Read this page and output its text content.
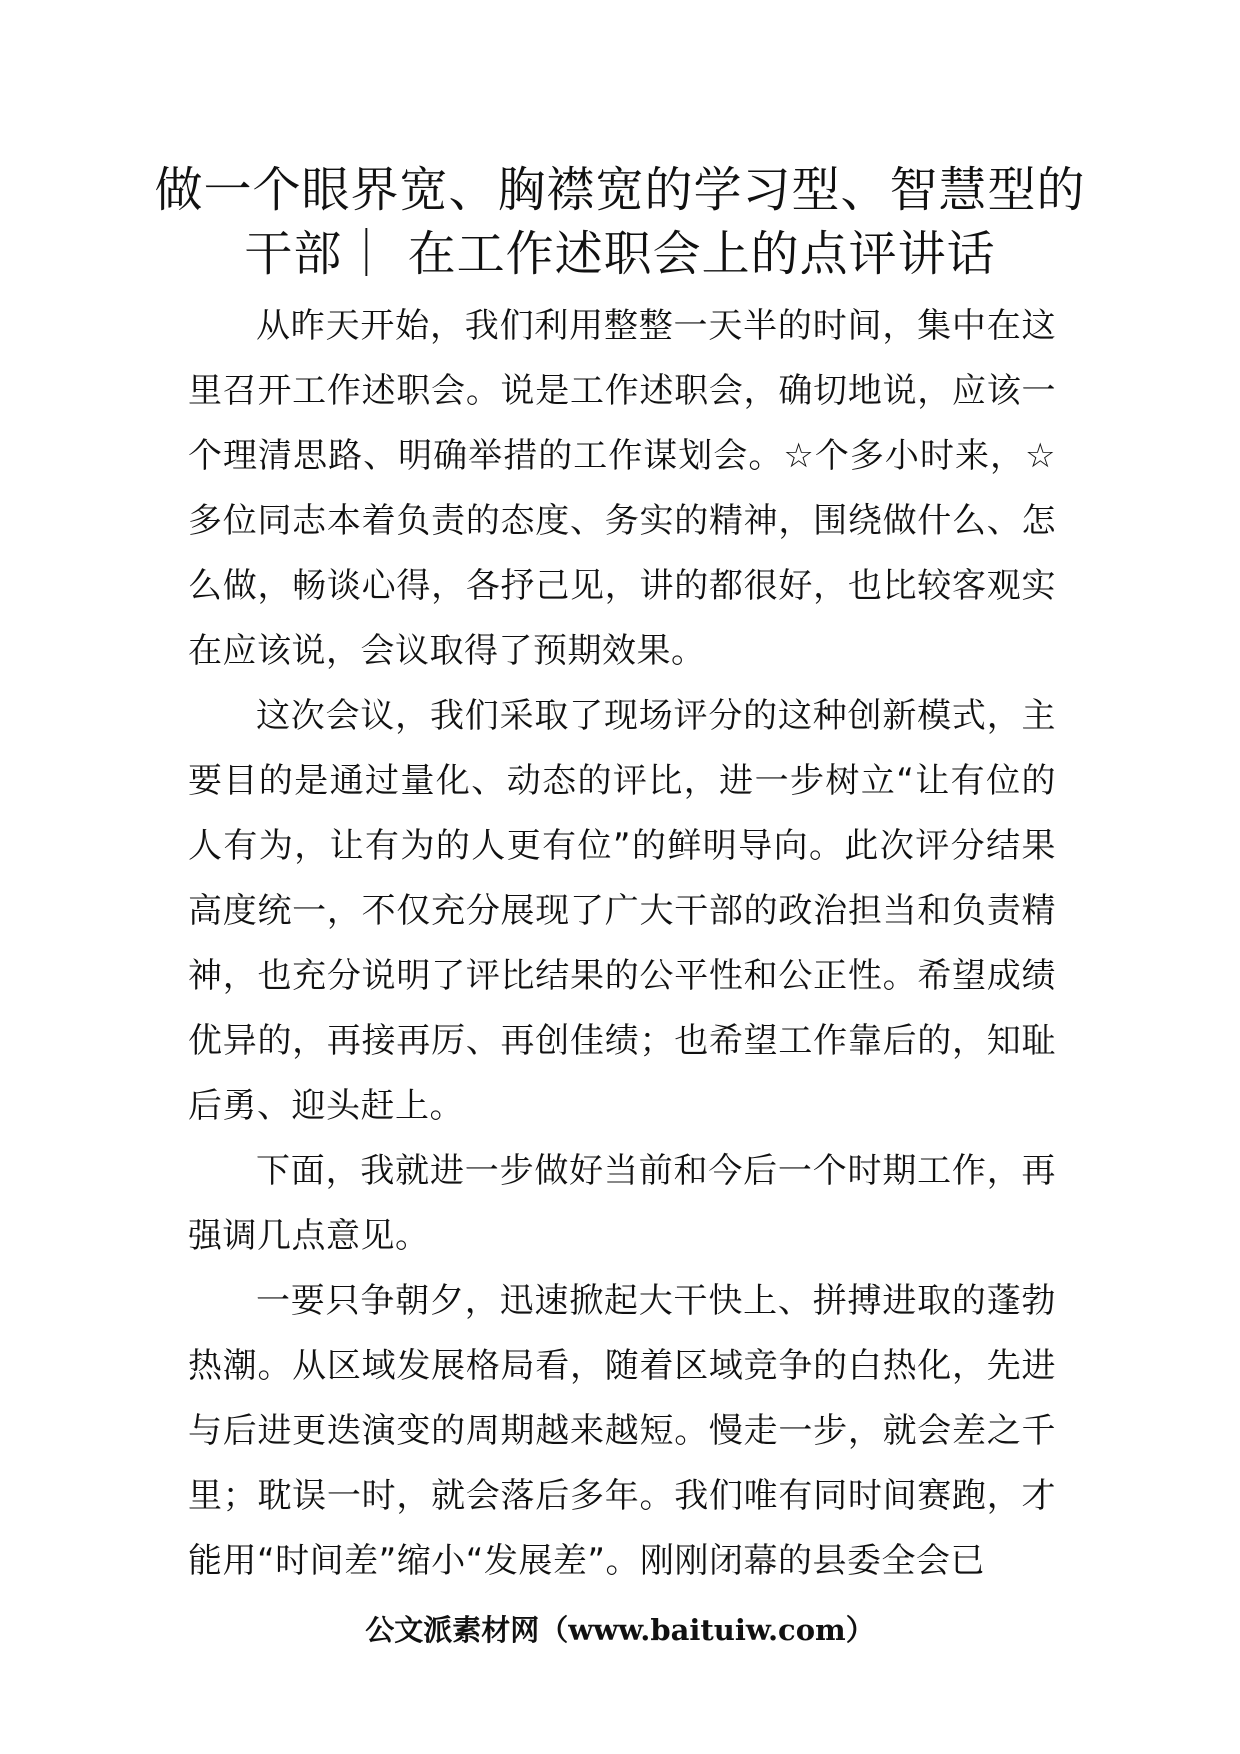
做一个眼界宽、胸襟宽的学习型、智慧型的干部｜ 在工作述职会上的点评讲话

从昨天开始，我们利用整整一天半的时间，集中在这里召开工作述职会。说是工作述职会，确切地说，应该一个理清思路、明确举措的工作谋划会。☆个多小时来，☆多位同志本着负责的态度、务实的精神，围绕做什么、怎么做，畅谈心得，各抒己见，讲的都很好，也比较客观实在应该说，会议取得了预期效果。

这次会议，我们采取了现场评分的这种创新模式，主要目的是通过量化、动态的评比，进一步树立“让有位的人有为，让有为的人更有位”的鲜明导向。此次评分结果高度统一，不仅充分展现了广大干部的政治担当和负责精神，也充分说明了评比结果的公平性和公正性。希望成绩优异的，再接再厉、再创佳绩；也希望工作靠后的，知耻后勇、迎头赶上。

下面，我就进一步做好当前和今后一个时期工作，再强调几点意见。

一要只争朝夕，迅速掀起大干快上、拼搏进取的蓬勃热潮。从区域发展格局看，随着区域竞争的白热化，先进与后进更迭演变的周期越来越短。慢走一步，就会差之千里；耽误一时，就会落后多年。我们唯有同时间赛跑，才能用“时间差”缩小“发展差”。刚刚闭幕的县委全会已

公文派素材网（www.baituiw.com）
